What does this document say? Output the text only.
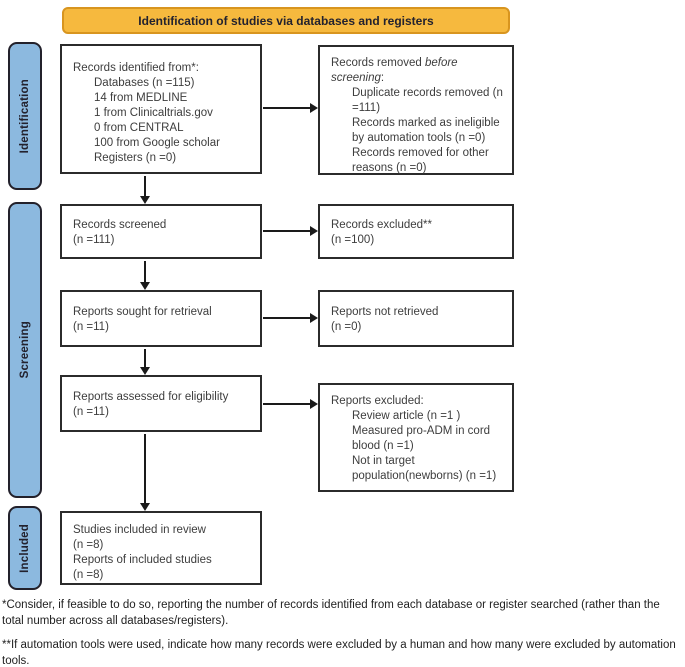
Identification of studies via databases and registers
Identification
Screening
Included
Records identified from*:
Databases (n =115)
14 from MEDLINE
1 from Clinicaltrials.gov
0 from CENTRAL
100 from Google scholar
Registers (n =0)
Records removed before screening:
Duplicate records removed (n =111)
Records marked as ineligible by automation tools (n =0)
Records removed for other reasons (n =0)
Records screened
(n =111)
Records excluded**
(n =100)
Reports sought for retrieval
(n =11)
Reports not retrieved
(n =0)
Reports assessed for eligibility
(n =11)
Reports excluded:
Review article (n =1 )
Measured pro-ADM in cord blood (n =1)
Not in target population(newborns) (n =1)
Studies included in review
(n =8)
Reports of included studies
(n =8)

*Consider, if feasible to do so, reporting the number of records identified from each database or register searched (rather than the total number across all databases/registers).

**If automation tools were used, indicate how many records were excluded by a human and how many were excluded by automation tools.
